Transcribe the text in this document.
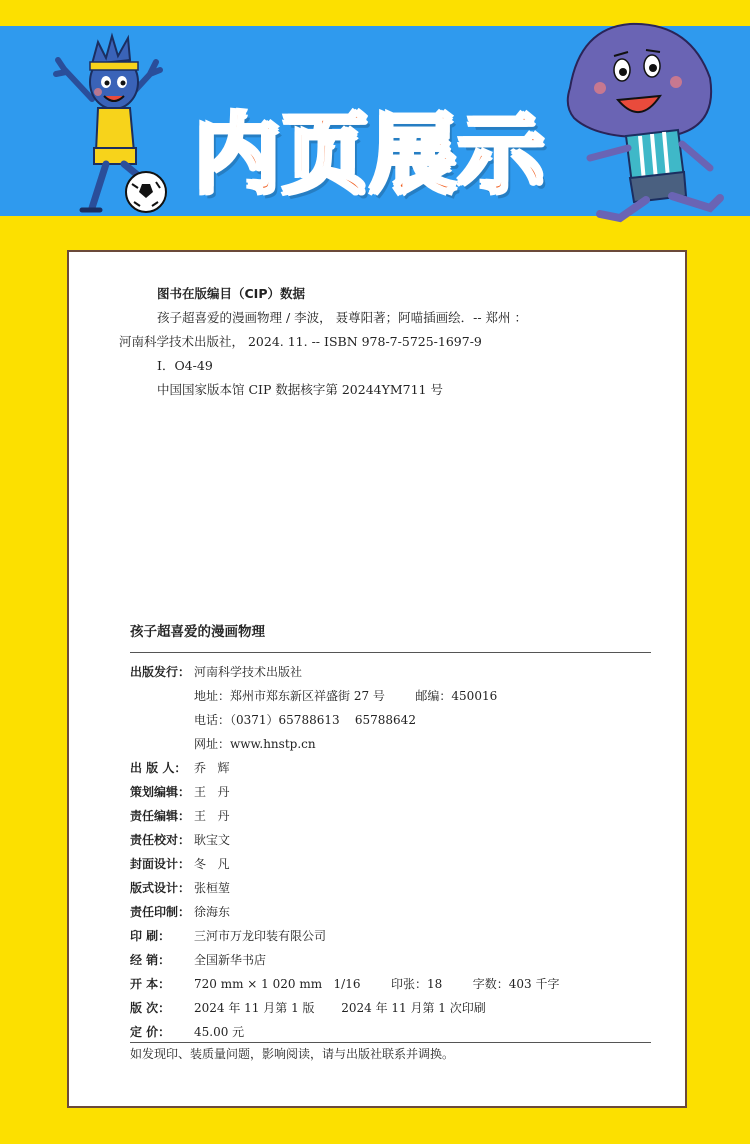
内页展示
图书在版编目（CIP）数据
孩子超喜爱的漫画物理 / 李波， 聂尊阳著；阿喵插画绘．-- 郑州 ：
河南科学技术出版社， 2024. 11. -- ISBN 978-7-5725-1697-9
Ⅰ．O4-49
中国国家版本馆 CIP 数据核字第 20244YM711 号
孩子超喜爱的漫画物理
出版发行： 河南科学技术出版社
地址：郑州市郑东新区祥盛街 27 号        邮编：450016
电话：（0371）65788613    65788642
网址：www.hnstp.cn
出 版 人： 乔   辉
策划编辑： 王   丹
责任编辑： 王   丹
责任校对： 耿宝文
封面设计： 冬   凡
版式设计： 张桓堃
责任印制： 徐海东
印 刷：	三河市万龙印装有限公司
经 销：	全国新华书店
开 本：	720 mm × 1 020 mm   1/16        印张：18        字数：403 千字
版 次：	2024 年 11 月第 1 版       2024 年 11 月第 1 次印刷
定 价：	45.00 元
如发现印、装质量问题，影响阅读，请与出版社联系并调换。
